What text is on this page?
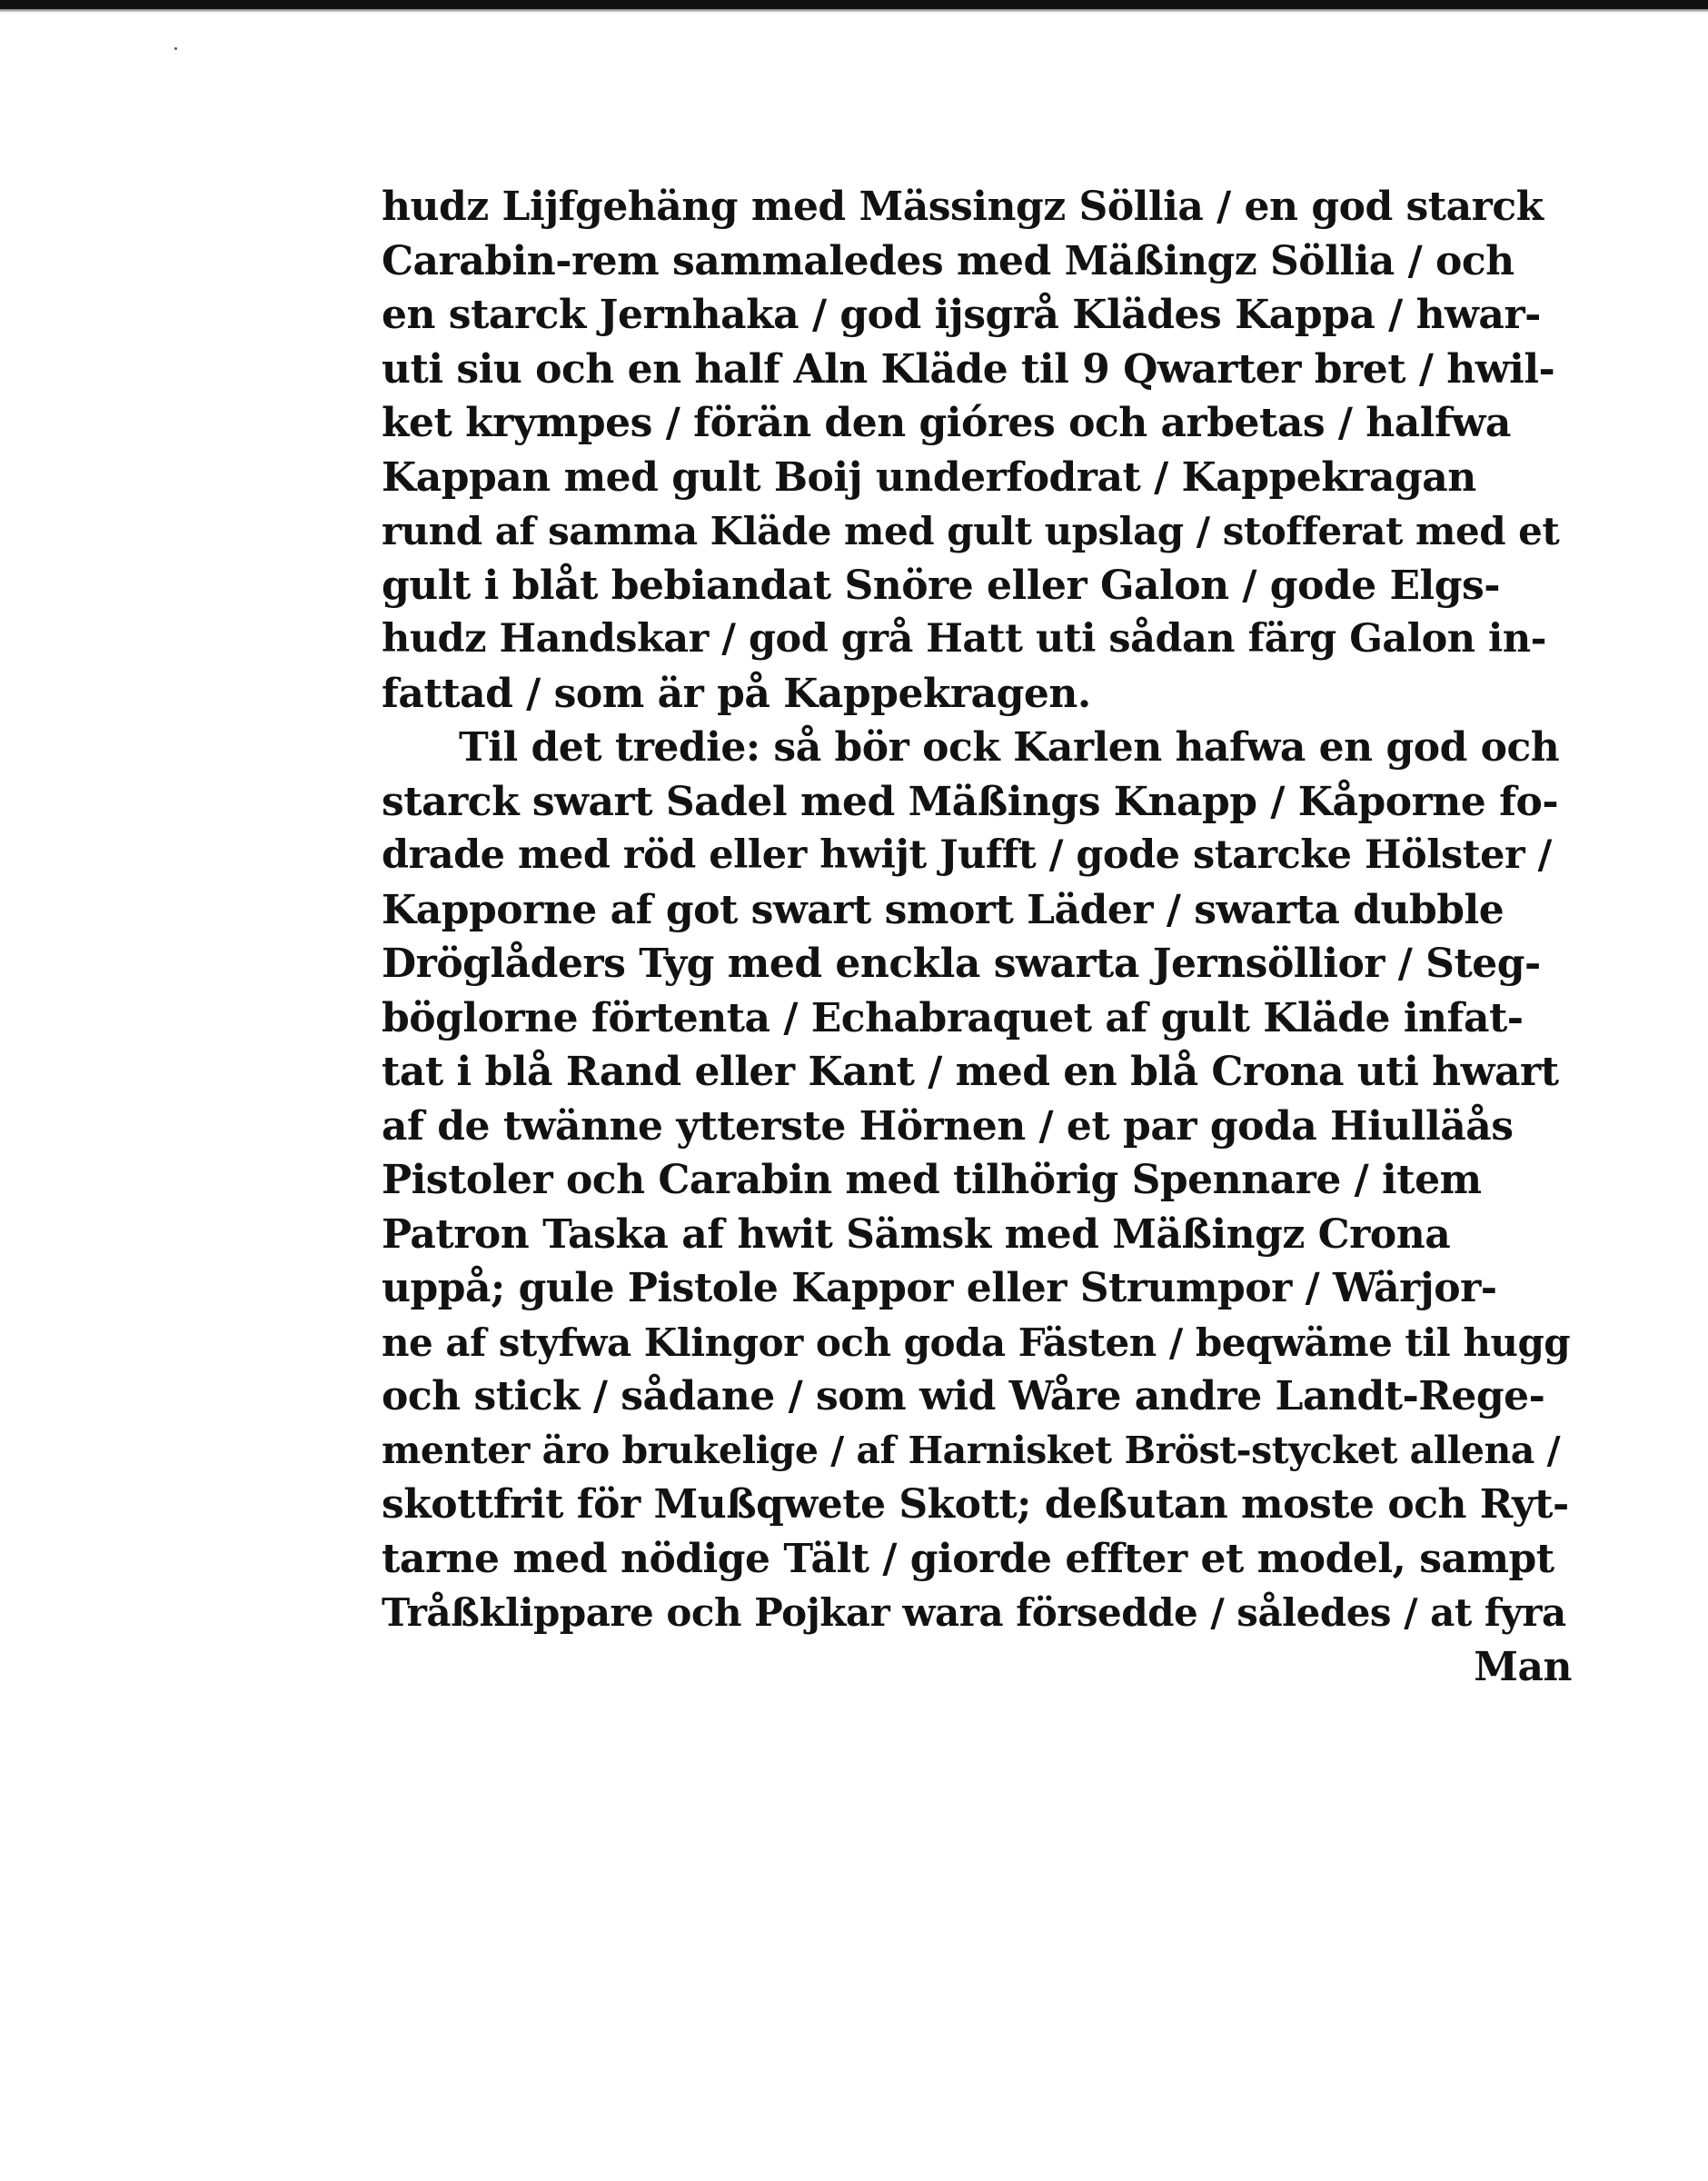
hudz Lijfgehäng med Mässingz Söllia / en god starck
Carabin-rem sammaledes med Mäßingz Söllia / och
en starck Jernhaka / god ijsgrå Klädes Kappa / hwar-
uti siu och en half Aln Kläde til 9 Qwarter bret / hwil-
ket krympes / förän den gióres och arbetas / halfwa
Kappan med gult Boij underfodrat / Kappekragan
rund af samma Kläde med gult upslag / stofferat med et
gult i blåt bebiandat Snöre eller Galon / gode Elgs-
hudz Handskar / god grå Hatt uti sådan färg Galon in-
fattad / som är på Kappekragen.
Til det tredie: så bör ock Karlen hafwa en god och
starck swart Sadel med Mäßings Knapp / Kåporne fo-
drade med röd eller hwijt Jufft / gode starcke Hölster /
Kapporne af got swart smort Läder / swarta dubble
Dröglåders Tyg med enckla swarta Jernsöllior / Steg-
böglorne förtenta / Echabraquet af gult Kläde infat-
tat i blå Rand eller Kant / med en blå Crona uti hwart
af de twänne ytterste Hörnen / et par goda Hiulläås
Pistoler och Carabin med tilhörig Spennare / item
Patron Taska af hwit Sämsk med Mäßingz Crona
uppå; gule Pistole Kappor eller Strumpor / Wärjor-
ne af styfwa Klingor och goda Fästen / beqwäme til hugg
och stick / sådane / som wid Wåre andre Landt-Rege-
menter äro brukelige / af Harnisket Bröst-stycket allena /
skottfrit för Mußqwete Skott; deßutan moste och Ryt-
tarne med nödige Tält / giorde effter et model, sampt
Tråßklippare och Pojkar wara försedde / således / at fyra
Man
